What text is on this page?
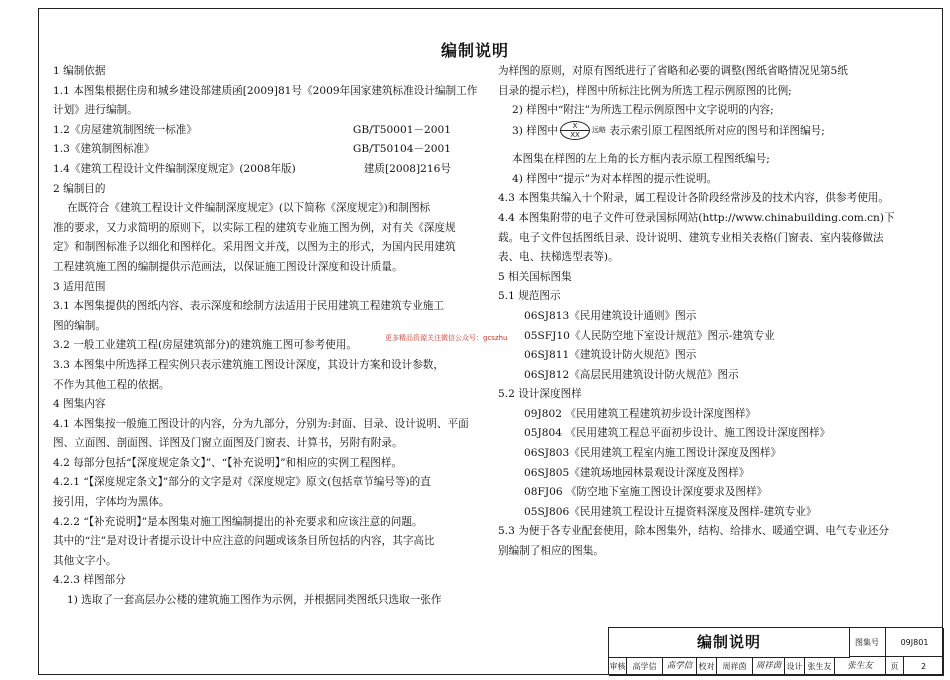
编制说明
1 编制依据
1.1 本图集根据住房和城乡建设部建质函[2009]81号《2009年国家建筑标准设计编制工作
计划》进行编制。
1.2《房屋建筑制图统一标准》	GB/T50001－2001
1.3《建筑制图标准》	GB/T50104－2001
1.4《建筑工程设计文件编制深度规定》(2008年版)	建质[2008]216号
2 编制目的
在既符合《建筑工程设计文件编制深度规定》(以下简称《深度规定》)和制图标
准的要求，又力求简明的原则下，以实际工程的建筑专业施工图为例，对有关《深度规
定》和制图标准予以细化和图样化。采用图文并茂，以图为主的形式，为国内民用建筑
工程建筑施工图的编制提供示范画法，以保证施工图设计深度和设计质量。
3 适用范围
3.1 本图集提供的图纸内容、表示深度和绘制方法适用于民用建筑工程建筑专业施工
图的编制。
3.2 一般工业建筑工程(房屋建筑部分)的建筑施工图可参考使用。
3.3 本图集中所选择工程实例只表示建筑施工图设计深度，其设计方案和设计参数，
不作为其他工程的依据。
4 图集内容
4.1 本图集按一般施工图设计的内容，分为九部分，分别为:封面、目录、设计说明、平面
图、立面图、剖面图、详图及门窗立面图及门窗表、计算书，另附有附录。
4.2 每部分包括“【深度规定条文】”、“【补充说明】”和相应的实例工程图样。
4.2.1 “【深度规定条文】”部分的文字是对《深度规定》原文(包括章节编号等)的直
接引用，字体均为黑体。
4.2.2 “【补充说明】”是本图集对施工图编制提出的补充要求和应该注意的问题。
其中的“注”是对设计者提示设计中应注意的问题或该条目所包括的内容，其字高比
其他文字小。
4.2.3 样图部分
1) 选取了一套高层办公楼的建筑施工图作为示例，并根据同类图纸只选取一张作
为样图的原则，对原有图纸进行了省略和必要的调整(图纸省略情况见第5纸
目录的提示栏)，样图中所标注比例为所选工程示例原图的比例;
2) 样图中“附注”为所选工程示例原图中文字说明的内容;
3) 样图中 $\frac{X}{XX}$ 远略 表示索引原工程图纸所对应的图号和详图编号;
本图集在样图的左上角的长方框内表示原工程图纸编号;
4) 样图中“提示”为对本样图的提示性说明。
4.3 本图集共编入十个附录，属工程设计各阶段经常涉及的技术内容，供参考使用。
4.4 本图集附带的电子文件可登录国标网站(http://www.chinabuilding.com.cn)下
载。电子文件包括图纸目录、设计说明、建筑专业相关表格(门窗表、室内装修做法
表、电、扶梯选型表等)。
5 相关国标图集
5.1 规范图示
06SJ813《民用建筑设计通则》图示
05SFJ10《人民防空地下室设计规范》图示-建筑专业
06SJ811《建筑设计防火规范》图示
06SJ812《高层民用建筑设计防火规范》图示
5.2 设计深度图样
09J802 《民用建筑工程建筑初步设计深度图样》
05J804 《民用建筑工程总平面初步设计、施工图设计深度图样》
06SJ803《民用建筑工程室内施工图设计深度及图样》
06SJ805《建筑场地园林景观设计深度及图样》
08FJ06 《防空地下室施工图设计深度要求及图样》
05SJ806《民用建筑工程设计互提资料深度及图样-建筑专业》
5.3 为便于各专业配套使用，除本图集外，结构、给排水、暖通空调、电气专业还分
别编制了相应的图集。
更多精品资源关注微信公众号：gcszhu
编制说明	图集号	09J801
审核 高学信	高学信 校对	周祥茵	周祥茵 设计 张生友	张生友	页	2
